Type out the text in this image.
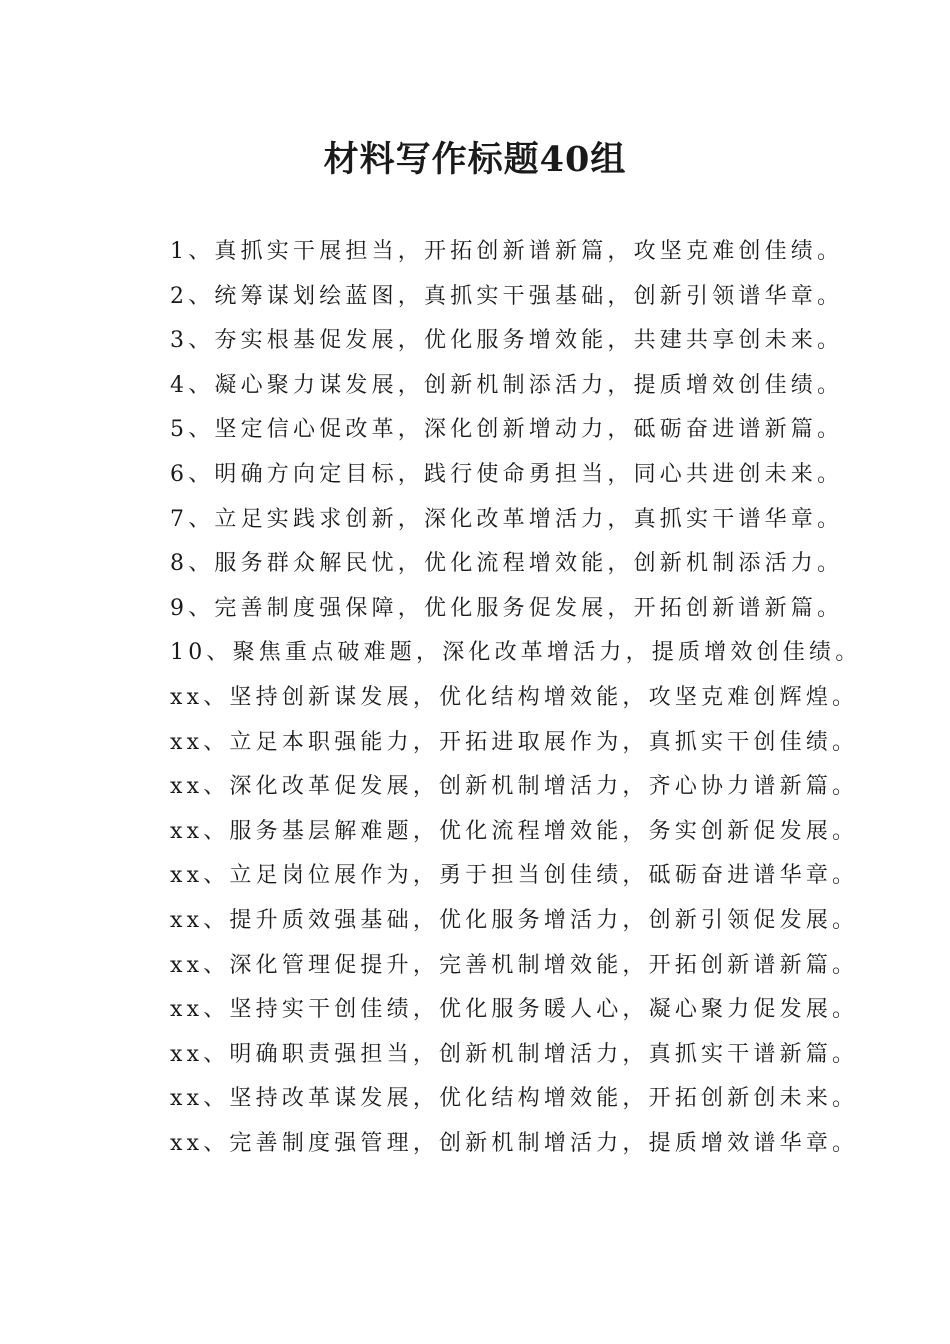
材料写作标题40组
1、真抓实干展担当，开拓创新谱新篇，攻坚克难创佳绩。
2、统筹谋划绘蓝图，真抓实干强基础，创新引领谱华章。
3、夯实根基促发展，优化服务增效能，共建共享创未来。
4、凝心聚力谋发展，创新机制添活力，提质增效创佳绩。
5、坚定信心促改革，深化创新增动力，砥砺奋进谱新篇。
6、明确方向定目标，践行使命勇担当，同心共进创未来。
7、立足实践求创新，深化改革增活力，真抓实干谱华章。
8、服务群众解民忧，优化流程增效能，创新机制添活力。
9、完善制度强保障，优化服务促发展，开拓创新谱新篇。
10、聚焦重点破难题，深化改革增活力，提质增效创佳绩。
xx、坚持创新谋发展，优化结构增效能，攻坚克难创辉煌。
xx、立足本职强能力，开拓进取展作为，真抓实干创佳绩。
xx、深化改革促发展，创新机制增活力，齐心协力谱新篇。
xx、服务基层解难题，优化流程增效能，务实创新促发展。
xx、立足岗位展作为，勇于担当创佳绩，砥砺奋进谱华章。
xx、提升质效强基础，优化服务增活力，创新引领促发展。
xx、深化管理促提升，完善机制增效能，开拓创新谱新篇。
xx、坚持实干创佳绩，优化服务暖人心，凝心聚力促发展。
xx、明确职责强担当，创新机制增活力，真抓实干谱新篇。
xx、坚持改革谋发展，优化结构增效能，开拓创新创未来。
xx、完善制度强管理，创新机制增活力，提质增效谱华章。
